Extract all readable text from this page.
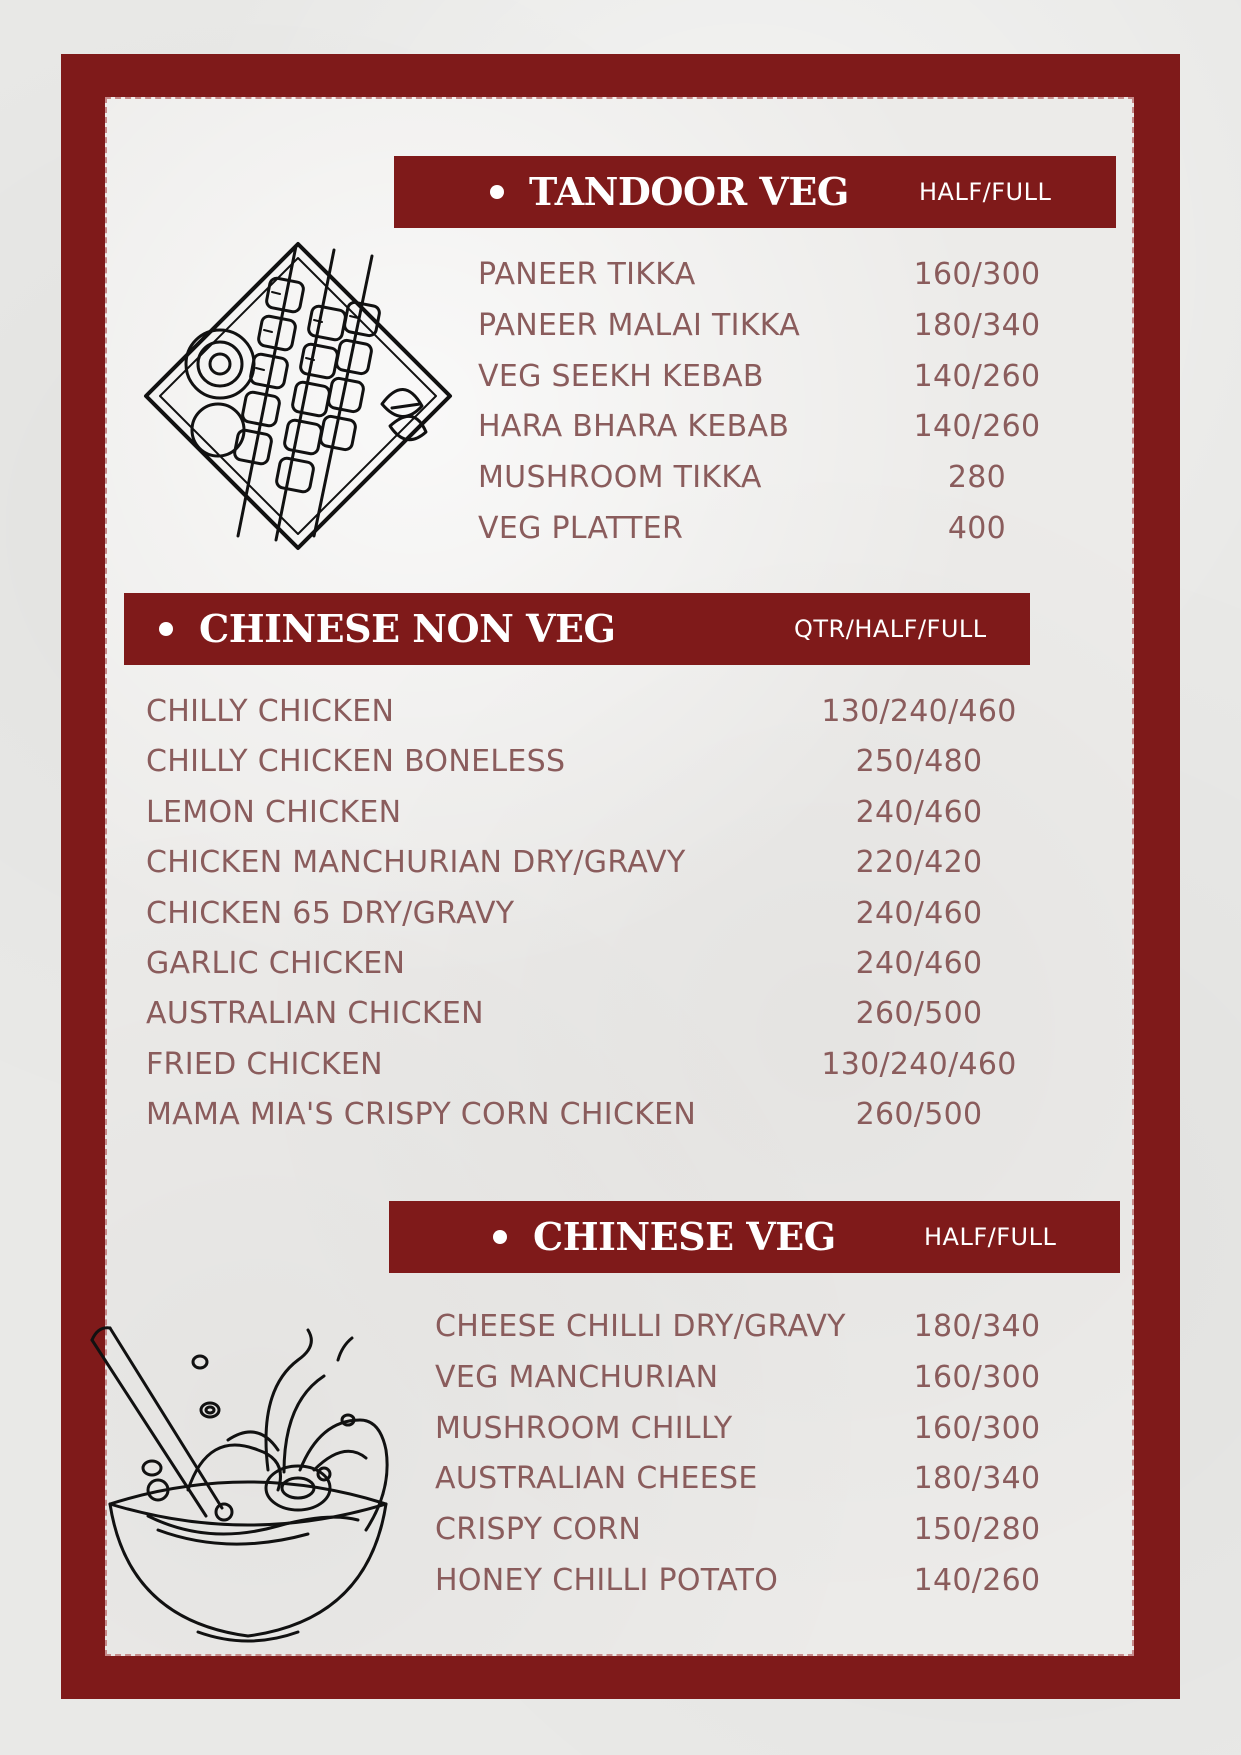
TANDOOR VEG	HALF/FULL
PANEER TIKKA	160/300
PANEER MALAI TIKKA	180/340
VEG SEEKH KEBAB	140/260
HARA BHARA KEBAB	140/260
MUSHROOM TIKKA	280
VEG PLATTER	400
CHINESE NON VEG	QTR/HALF/FULL
CHILLY CHICKEN	130/240/460
CHILLY CHICKEN BONELESS	250/480
LEMON CHICKEN	240/460
CHICKEN MANCHURIAN DRY/GRAVY	220/420
CHICKEN 65 DRY/GRAVY	240/460
GARLIC CHICKEN	240/460
AUSTRALIAN CHICKEN	260/500
FRIED CHICKEN	130/240/460
MAMA MIA'S CRISPY CORN CHICKEN	260/500
CHINESE VEG	HALF/FULL
CHEESE CHILLI DRY/GRAVY	180/340
VEG MANCHURIAN	160/300
MUSHROOM CHILLY	160/300
AUSTRALIAN CHEESE	180/340
CRISPY CORN	150/280
HONEY CHILLI POTATO	140/260
